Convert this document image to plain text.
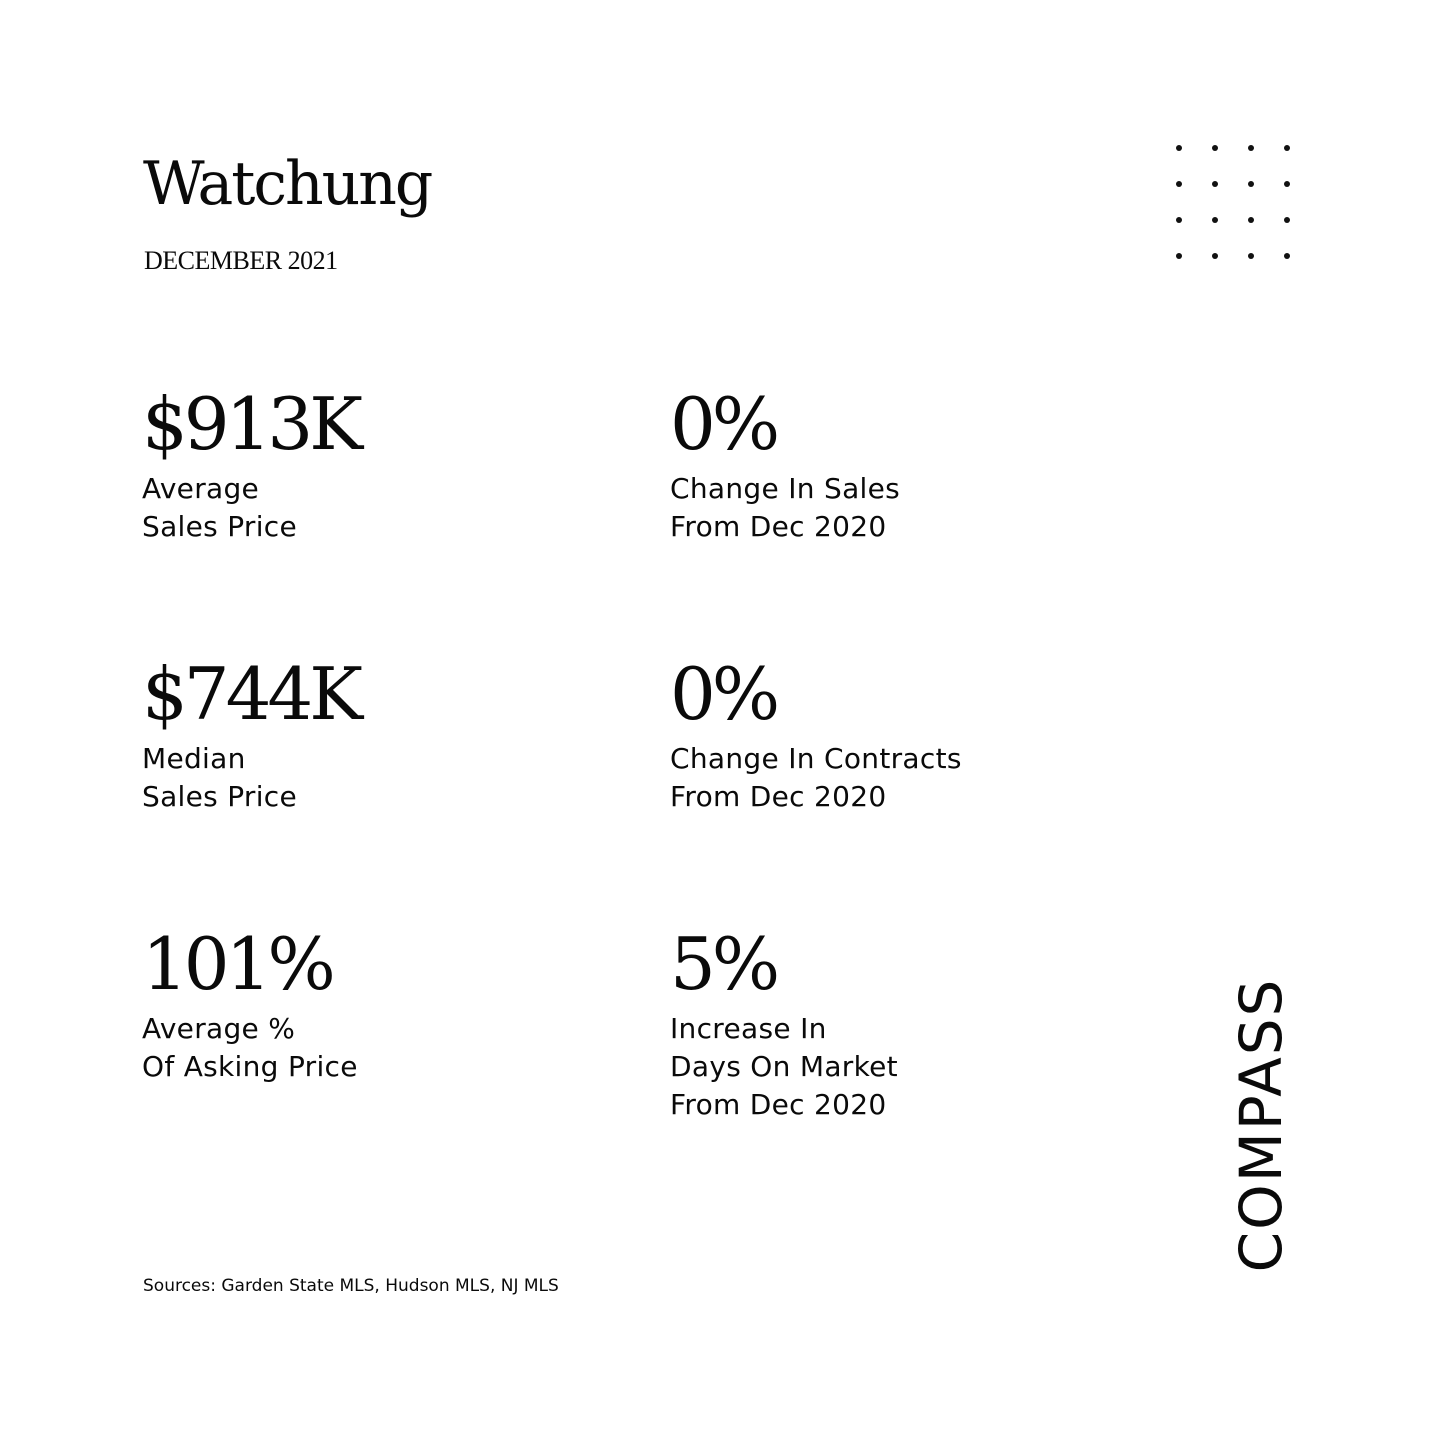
Watchung
DECEMBER 2021
$913K
Average
Sales Price
0%
Change In Sales
From Dec 2020
$744K
Median
Sales Price
0%
Change In Contracts
From Dec 2020
101%
Average %
Of Asking Price
5%
Increase In
Days On Market
From Dec 2020
Sources: Garden State MLS, Hudson MLS, NJ MLS
COMPASS
